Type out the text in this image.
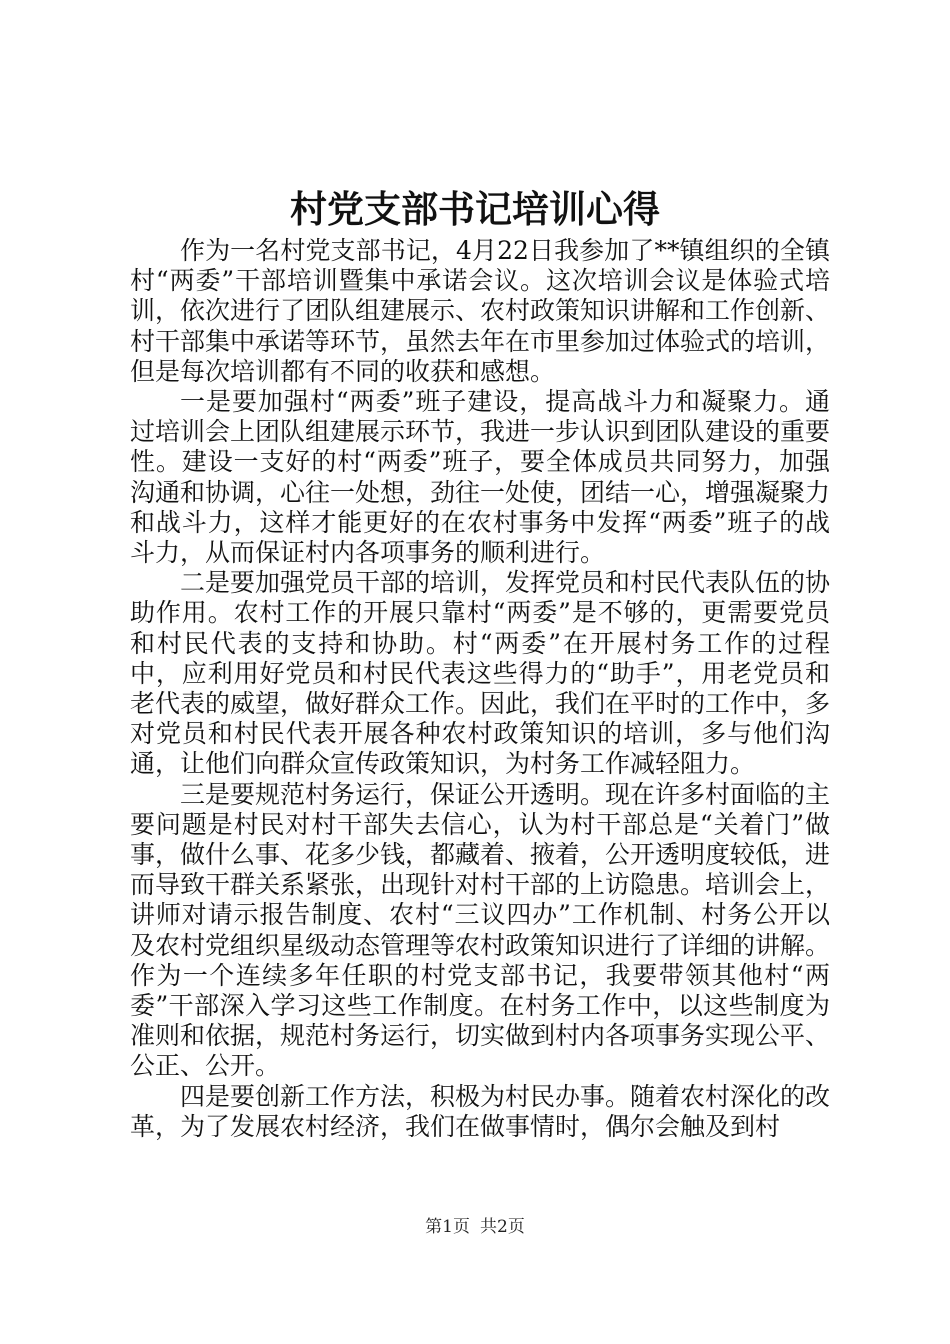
村党支部书记培训心得

作为一名村党支部书记，4月22日我参加了**镇组织的全镇村“两委”干部培训暨集中承诺会议。这次培训会议是体验式培训，依次进行了团队组建展示、农村政策知识讲解和工作创新、村干部集中承诺等环节，虽然去年在市里参加过体验式的培训，但是每次培训都有不同的收获和感想。

一是要加强村“两委”班子建设，提高战斗力和凝聚力。通过培训会上团队组建展示环节，我进一步认识到团队建设的重要性。建设一支好的村“两委”班子，要全体成员共同努力，加强沟通和协调，心往一处想，劲往一处使，团结一心，增强凝聚力和战斗力，这样才能更好的在农村事务中发挥“两委”班子的战斗力，从而保证村内各项事务的顺利进行。

二是要加强党员干部的培训，发挥党员和村民代表队伍的协助作用。农村工作的开展只靠村“两委”是不够的，更需要党员和村民代表的支持和协助。村“两委”在开展村务工作的过程中，应利用好党员和村民代表这些得力的“助手”，用老党员和老代表的威望，做好群众工作。因此，我们在平时的工作中，多对党员和村民代表开展各种农村政策知识的培训，多与他们沟通，让他们向群众宣传政策知识，为村务工作减轻阻力。

三是要规范村务运行，保证公开透明。现在许多村面临的主要问题是村民对村干部失去信心，认为村干部总是“关着门”做事，做什么事、花多少钱，都藏着、掖着，公开透明度较低，进而导致干群关系紧张，出现针对村干部的上访隐患。培训会上，讲师对请示报告制度、农村“三议四办”工作机制、村务公开以及农村党组织星级动态管理等农村政策知识进行了详细的讲解。作为一个连续多年任职的村党支部书记，我要带领其他村“两委”干部深入学习这些工作制度。在村务工作中，以这些制度为准则和依据，规范村务运行，切实做到村内各项事务实现公平、公正、公开。

四是要创新工作方法，积极为村民办事。随着农村深化的改革，为了发展农村经济，我们在做事情时，偶尔会触及到村

第1页 共2页
